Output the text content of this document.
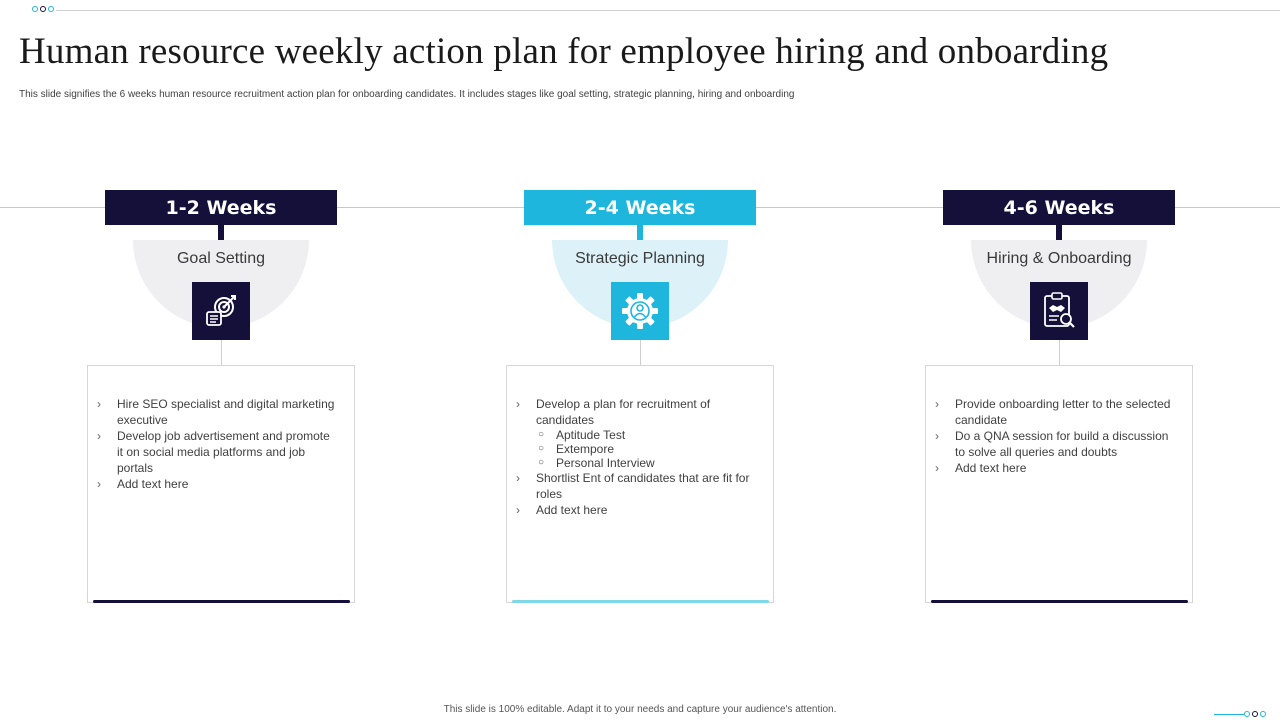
Human resource weekly action plan for employee hiring and onboarding
This slide signifies the 6 weeks human resource recruitment action plan for onboarding candidates. It includes stages like goal setting, strategic planning, hiring and onboarding
1-2 Weeks
Goal Setting
› Hire SEO specialist and digital marketing executive
› Develop job advertisement and promote it on social media platforms and job portals
› Add text here
2-4 Weeks
Strategic Planning
› Develop a plan for recruitment of candidates
○ Aptitude Test
○ Extempore
○ Personal Interview
› Shortlist Ent of candidates that are fit for roles
› Add text here
4-6 Weeks
Hiring & Onboarding
› Provide onboarding letter to the selected candidate
› Do a QNA session for build a discussion to solve all queries and doubts
› Add text here
This slide is 100% editable. Adapt it to your needs and capture your audience's attention.
